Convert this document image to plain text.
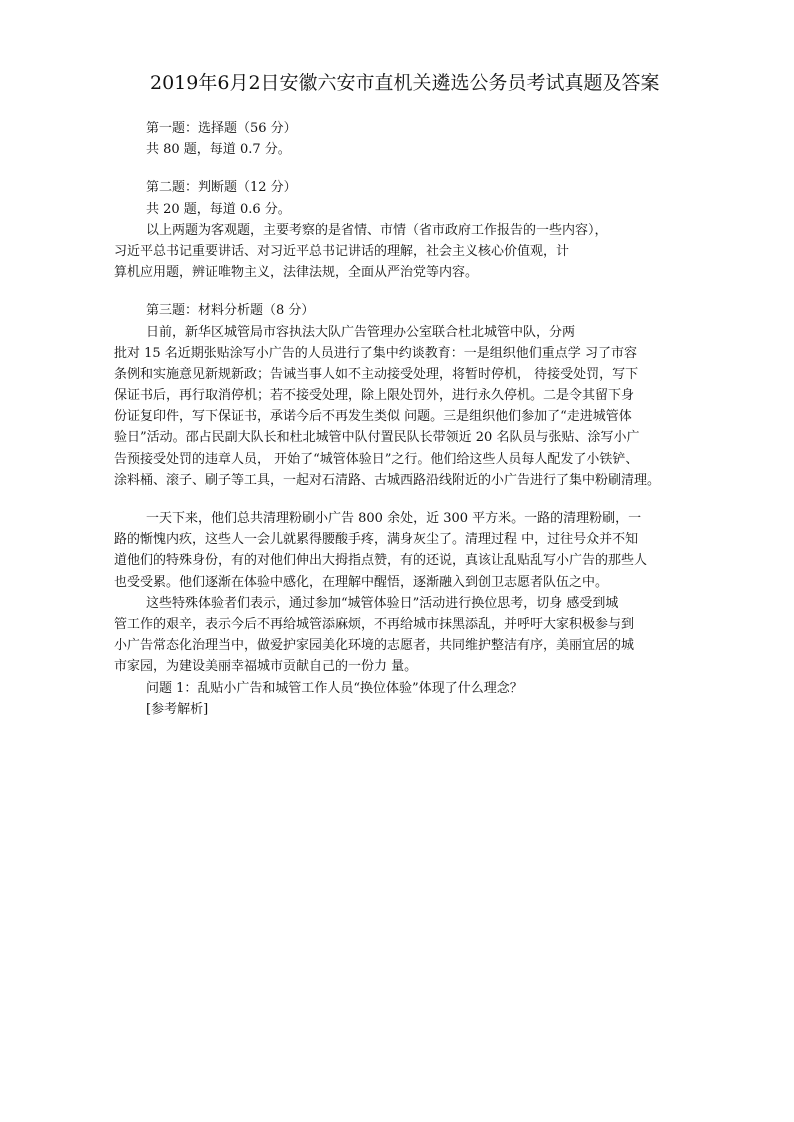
2019年6月2日安徽六安市直机关遴选公务员考试真题及答案
第一题：选择题（56 分）
共 80 题，每道 0.7 分。
第二题：判断题（12 分）
共 20 题，每道 0.6 分。
以上两题为客观题，主要考察的是省情、市情（省市政府工作报告的一些内容），
习近平总书记重要讲话、对习近平总书记讲话的理解，社会主义核心价值观，计
算机应用题，辨证唯物主义，法律法规，全面从严治党等内容。
第三题：材料分析题（8 分）
日前，新华区城管局市容执法大队广告管理办公室联合杜北城管中队，分两
批对 15 名近期张贴涂写小广告的人员进行了集中约谈教育：一是组织他们重点学 习了市容
条例和实施意见新规新政；告诫当事人如不主动接受处理，将暂时停机， 待接受处罚，写下
保证书后，再行取消停机；若不接受处理，除上限处罚外，进行永久停机。二是令其留下身
份证复印件，写下保证书，承诺今后不再发生类似 问题。三是组织他们参加了“走进城管体
验日”活动。邵占民副大队长和杜北城管中队付置民队长带领近 20 名队员与张贴、涂写小广
告预接受处罚的违章人员， 开始了“城管体验日”之行。他们给这些人员每人配发了小铁铲、
涂料桶、滚子、刷子等工具，一起对石清路、古城西路沿线附近的小广告进行了集中粉刷清理。
一天下来，他们总共清理粉刷小广告 800 余处，近 300 平方米。一路的清理粉刷，一
路的惭愧内疚，这些人一会儿就累得腰酸手疼，满身灰尘了。清理过程 中，过往号众并不知
道他们的特殊身份，有的对他们伸出大拇指点赞，有的还说，真该让乱贴乱写小广告的那些人
也受受累。他们逐渐在体验中感化，在理解中醒悟，逐渐融入到创卫志愿者队伍之中。
这些特殊体验者们表示，通过参加“城管体验日”活动进行换位思考，切身 感受到城
管工作的艰辛，表示今后不再给城管添麻烦，不再给城市抹黑添乱，并呼吁大家积极参与到
小广告常态化治理当中，做爱护家园美化环境的志愿者，共同维护整洁有序，美丽宜居的城
市家园，为建设美丽幸福城市贡献自己的一份力 量。
问题 1：乱贴小广告和城管工作人员“换位体验”体现了什么理念？
[参考解析]
